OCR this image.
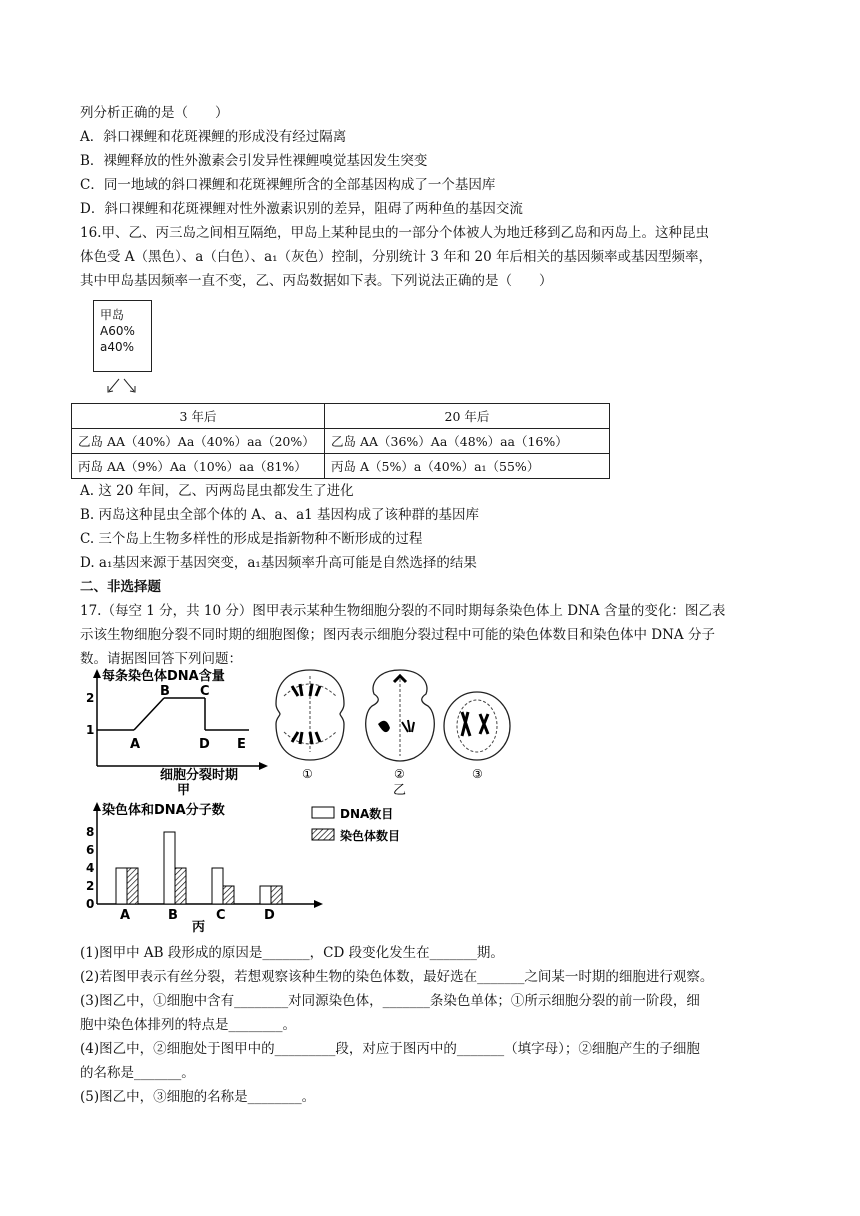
列分析正确的是（　　）
A．斜口裸鲤和花斑裸鲤的形成没有经过隔离
B．裸鲤释放的性外激素会引发异性裸鲤嗅觉基因发生突变
C．同一地域的斜口裸鲤和花斑裸鲤所含的全部基因构成了一个基因库
D．斜口裸鲤和花斑裸鲤对性外激素识别的差异，阻碍了两种鱼的基因交流
16.甲、乙、丙三岛之间相互隔绝，甲岛上某种昆虫的一部分个体被人为地迁移到乙岛和丙岛上。这种昆虫
体色受 A（黑色）、a（白色）、a₁（灰色）控制，分别统计 3 年和 20 年后相关的基因频率或基因型频率，
其中甲岛基因频率一直不变，乙、丙岛数据如下表。下列说法正确的是（　　）
甲岛
A60%
a40%
3 年后	20 年后
乙岛 AA（40%）Aa（40%）aa（20%）	乙岛 AA（36%）Aa（48%）aa（16%）
丙岛 AA（9%）Aa（10%）aa（81%）	丙岛 A（5%）a（40%）a₁（55%）
A. 这 20 年间，乙、丙两岛昆虫都发生了进化
B. 丙岛这种昆虫全部个体的 A、a、a1 基因构成了该种群的基因库
C. 三个岛上生物多样性的形成是指新物种不断形成的过程
D. a₁基因来源于基因突变，a₁基因频率升高可能是自然选择的结果
二、非选择题
17.（每空 1 分，共 10 分）图甲表示某种生物细胞分裂的不同时期每条染色体上 DNA 含量的变化：图乙表
示该生物细胞分裂不同时期的细胞图像；图丙表示细胞分裂过程中可能的染色体数目和染色体中 DNA 分子
数。请据图回答下列问题：
每条染色体DNA含量
2
1
A
B C
D E
细胞分裂时期
甲
①	②	③
乙
染色体和DNA分子数
8
6
4
2
0
A	B	C	D
DNA数目
染色体数目
丙
(1)图甲中 AB 段形成的原因是_______，CD 段变化发生在_______期。
(2)若图甲表示有丝分裂，若想观察该种生物的染色体数，最好选在_______之间某一时期的细胞进行观察。
(3)图乙中，①细胞中含有________对同源染色体，_______条染色单体；①所示细胞分裂的前一阶段，细
胞中染色体排列的特点是________。
(4)图乙中，②细胞处于图甲中的_________段，对应于图丙中的_______（填字母）；②细胞产生的子细胞
的名称是_______。
(5)图乙中，③细胞的名称是________。
